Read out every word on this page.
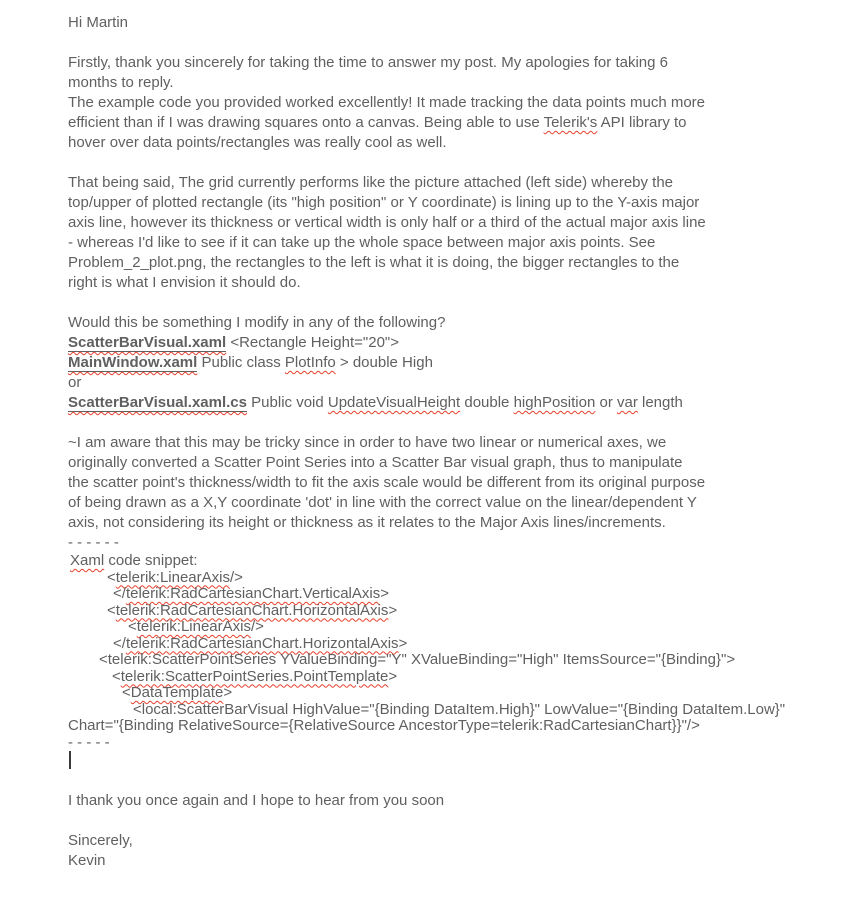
Hi Martin
Firstly, thank you sincerely for taking the time to answer my post. My apologies for taking 6
months to reply.
The example code you provided worked excellently! It made tracking the data points much more
efficient than if I was drawing squares onto a canvas. Being able to use Telerik's API library to
hover over data points/rectangles was really cool as well.
That being said, The grid currently performs like the picture attached (left side) whereby the
top/upper of plotted rectangle (its "high position" or Y coordinate) is lining up to the Y-axis major
axis line, however its thickness or vertical width is only half or a third of the actual major axis line
- whereas I'd like to see if it can take up the whole space between major axis points. See
Problem_2_plot.png, the rectangles to the left is what it is doing, the bigger rectangles to the
right is what I envision it should do.
Would this be something I modify in any of the following?
ScatterBarVisual.xaml <Rectangle Height="20">
MainWindow.xaml Public class PlotInfo > double High
or
ScatterBarVisual.xaml.cs Public void UpdateVisualHeight double highPosition or var length
~I am aware that this may be tricky since in order to have two linear or numerical axes, we
originally converted a Scatter Point Series into a Scatter Bar visual graph, thus to manipulate
the scatter point's thickness/width to fit the axis scale would be different from its original purpose
of being drawn as a X,Y coordinate 'dot' in line with the correct value on the linear/dependent Y
axis, not considering its height or thickness as it relates to the Major Axis lines/increments.
- - - - - -
Xaml code snippet:
<telerik:LinearAxis/>
</telerik:RadCartesianChart.VerticalAxis>
<telerik:RadCartesianChart.HorizontalAxis>
<telerik:LinearAxis/>
</telerik:RadCartesianChart.HorizontalAxis>
<telerik:ScatterPointSeries YValueBinding="Y" XValueBinding="High" ItemsSource="{Binding}">
<telerik:ScatterPointSeries.PointTemplate>
<DataTemplate>
<local:ScatterBarVisual HighValue="{Binding DataItem.High}" LowValue="{Binding DataItem.Low}"
Chart="{Binding RelativeSource={RelativeSource AncestorType=telerik:RadCartesianChart}}"/>
- - - - -
I thank you once again and I hope to hear from you soon
Sincerely,
Kevin
